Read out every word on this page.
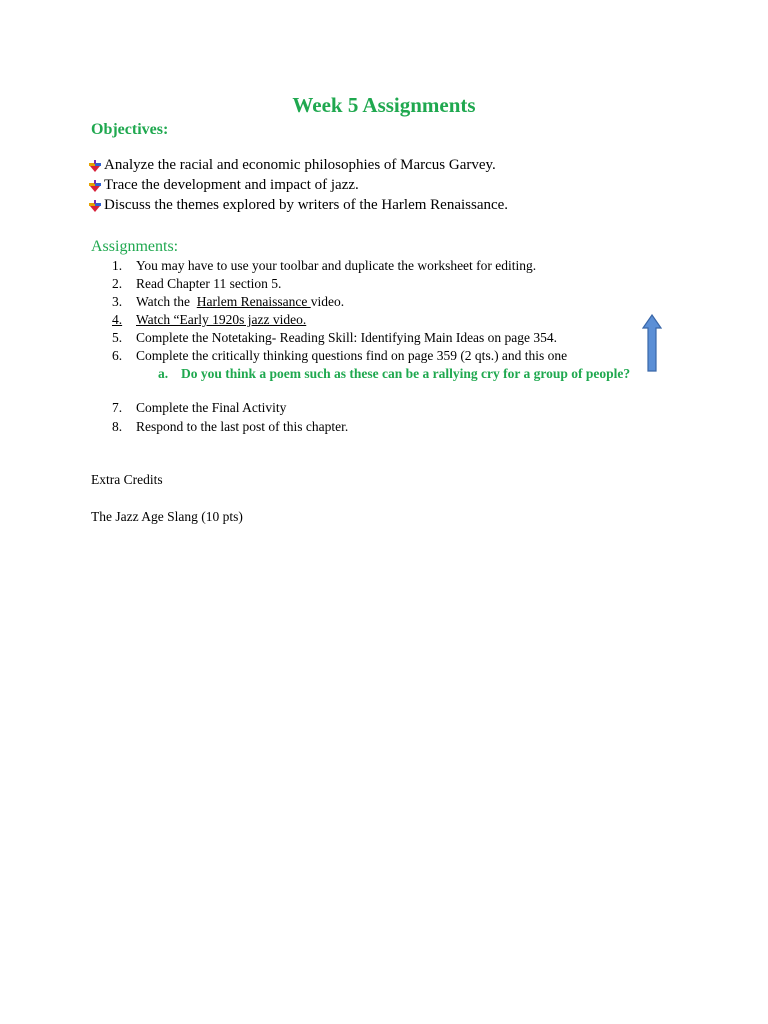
Week 5 Assignments
Objectives:
Analyze the racial and economic philosophies of Marcus Garvey.
Trace the development and impact of jazz.
Discuss the themes explored by writers of the Harlem Renaissance.
Assignments:
1. You may have to use your toolbar and duplicate the worksheet for editing.
2. Read Chapter 11 section 5.
3. Watch the  Harlem Renaissance video.
4. Watch “Early 1920s jazz video.
5. Complete the Notetaking- Reading Skill: Identifying Main Ideas on page 354.
6. Complete the critically thinking questions find on page 359 (2 qts.) and this one
a. Do you think a poem such as these can be a rallying cry for a group of people?
7. Complete the Final Activity
8. Respond to the last post of this chapter.
Extra Credits
The Jazz Age Slang (10 pts)
